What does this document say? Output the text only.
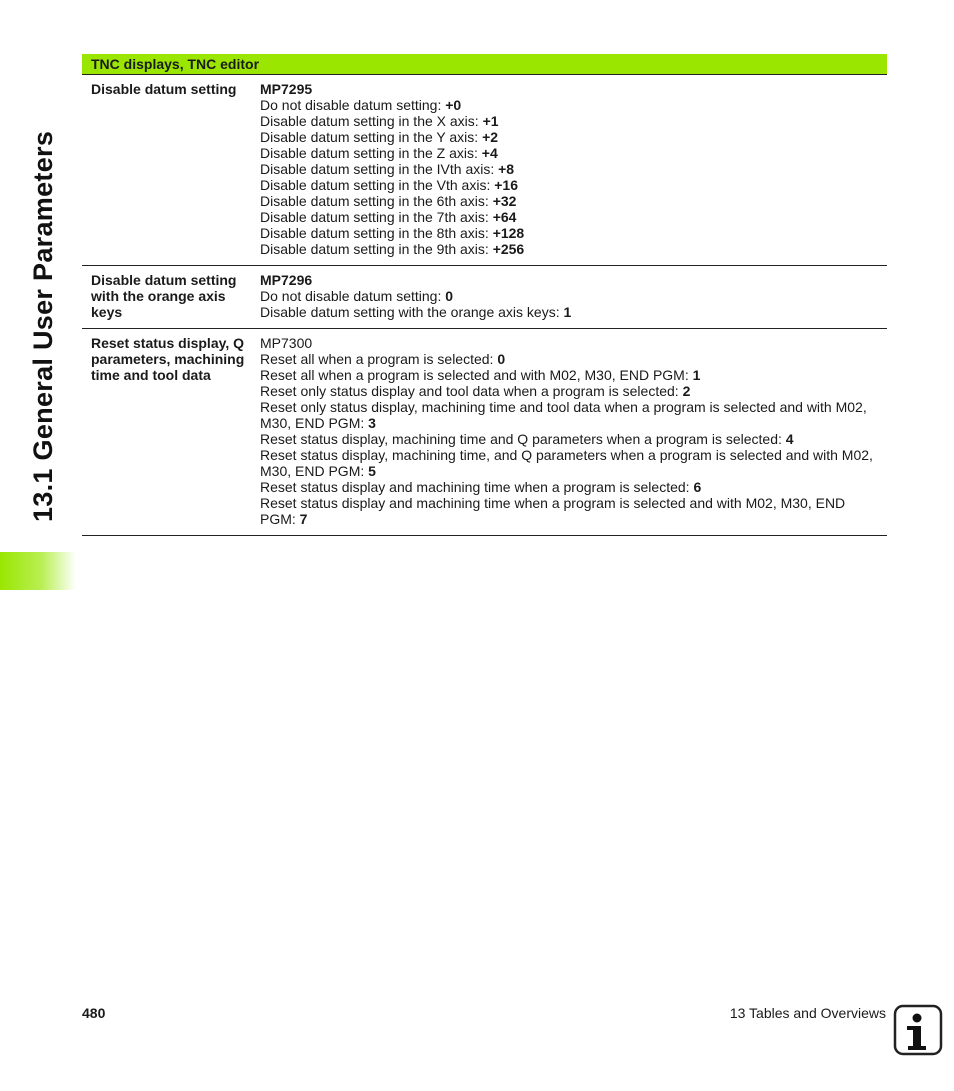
13.1 General User Parameters
TNC displays, TNC editor
Disable datum setting	MP7295
Do not disable datum setting: +0
Disable datum setting in the X axis: +1
Disable datum setting in the Y axis: +2
Disable datum setting in the Z axis: +4
Disable datum setting in the IVth axis: +8
Disable datum setting in the Vth axis: +16
Disable datum setting in the 6th axis: +32
Disable datum setting in the 7th axis: +64
Disable datum setting in the 8th axis: +128
Disable datum setting in the 9th axis: +256
Disable datum setting with the orange axis keys
MP7296
Do not disable datum setting: 0
Disable datum setting with the orange axis keys: 1
Reset status display, Q parameters, machining time and tool data
MP7300
Reset all when a program is selected: 0
Reset all when a program is selected and with M02, M30, END PGM: 1
Reset only status display and tool data when a program is selected: 2
Reset only status display, machining time and tool data when a program is selected and with M02, M30, END PGM: 3
Reset status display, machining time and Q parameters when a program is selected: 4
Reset status display, machining time, and Q parameters when a program is selected and with M02, M30, END PGM: 5
Reset status display and machining time when a program is selected: 6
Reset status display and machining time when a program is selected and with M02, M30, END PGM: 7
480	13 Tables and Overviews
